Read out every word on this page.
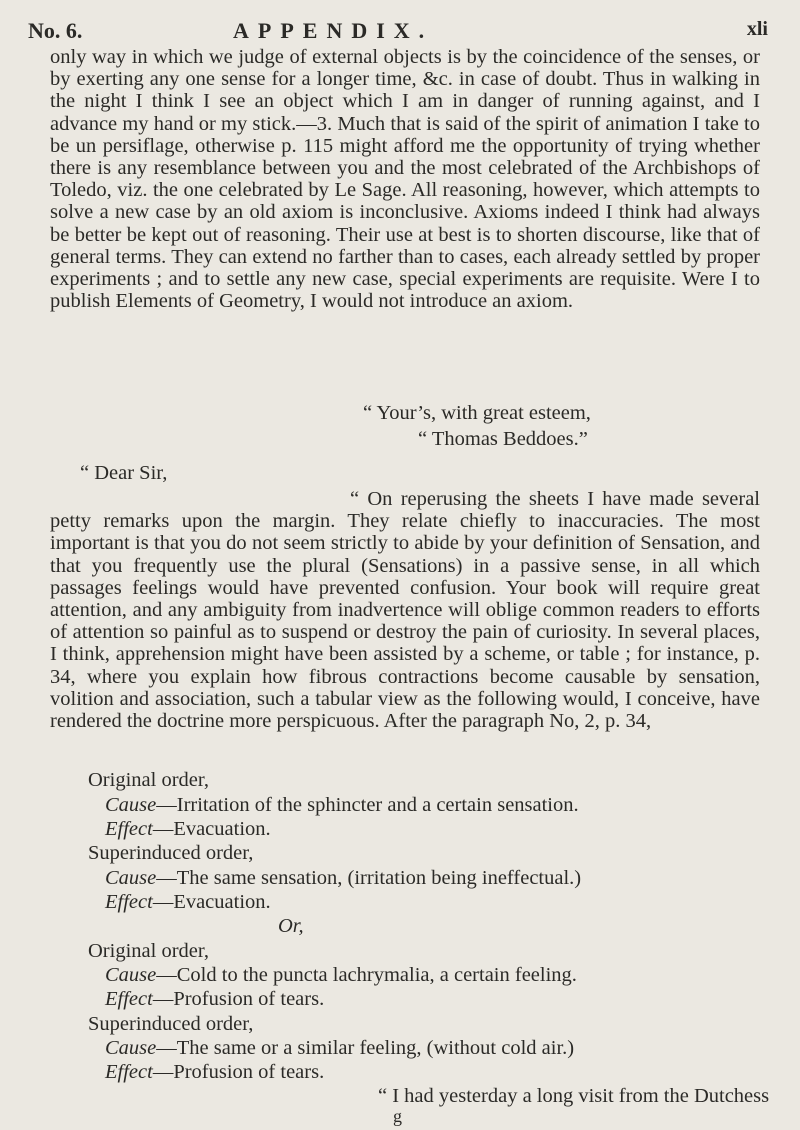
No. 6.	APPENDIX.	xli

only way in which we judge of external objects is by the coincidence of the senses, or by exerting any one sense for a longer time, &c. in case of doubt. Thus in walking in the night I think I see an object which I am in danger of running against, and I advance my hand or my stick.—3. Much that is said of the spirit of animation I take to be un persiflage, otherwise p. 115 might afford me the opportunity of trying whether there is any resemblance between you and the most celebrated of the Archbishops of Toledo, viz. the one celebrated by Le Sage. All reasoning, however, which attempts to solve a new case by an old axiom is inconclusive. Axioms indeed I think had always be better be kept out of reasoning. Their use at best is to shorten discourse, like that of general terms. They can extend no farther than to cases, each already settled by proper experiments ; and to settle any new case, special experiments are requisite. Were I to publish Elements of Geometry, I would not introduce an axiom.

“ Your’s, with great esteem,

“ Thomas Beddoes.”

“ Dear Sir,

“ On reperusing the sheets I have made several petty remarks upon the margin. They relate chiefly to inaccuracies. The most important is that you do not seem strictly to abide by your definition of Sensation, and that you frequently use the plural (Sensations) in a passive sense, in all which passages feelings would have prevented confusion. Your book will require great attention, and any ambiguity from inadvertence will oblige common readers to efforts of attention so painful as to suspend or destroy the pain of curiosity. In several places, I think, apprehension might have been assisted by a scheme, or table ; for instance, p. 34, where you explain how fibrous contractions become causable by sensation, volition and association, such a tabular view as the following would, I conceive, have rendered the doctrine more perspicuous. After the paragraph No, 2, p. 34,

Original order,

Cause—Irritation of the sphincter and a certain sensation.

Effect—Evacuation.

Superinduced order,

Cause—The same sensation, (irritation being ineffectual.)

Effect—Evacuation.

Or,

Original order,

Cause—Cold to the puncta lachrymalia, a certain feeling.

Effect—Profusion of tears.

Superinduced order,

Cause—The same or a similar feeling, (without cold air.)

Effect—Profusion of tears.

“ I had yesterday a long visit from the Dutchess

g
